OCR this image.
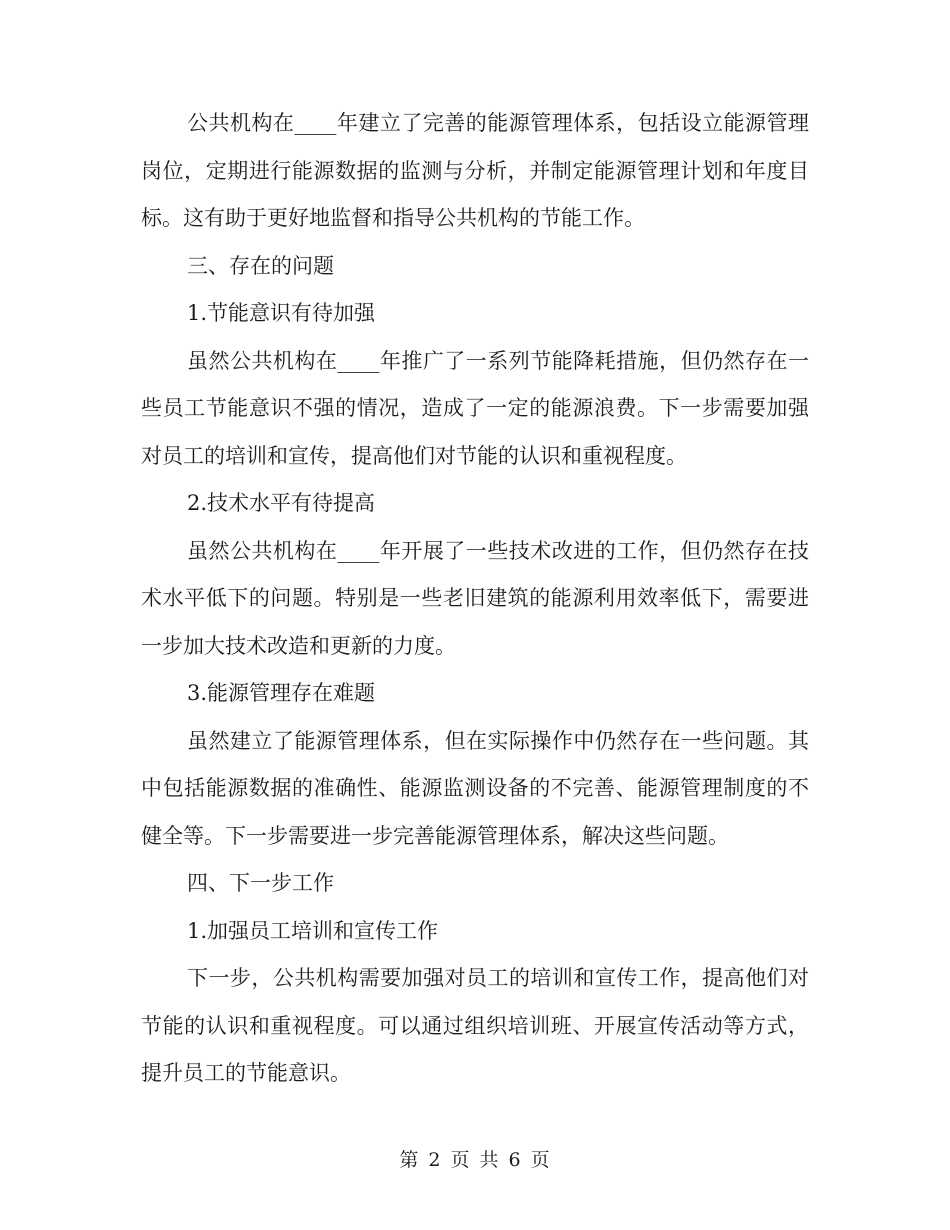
公共机构在____年建立了完善的能源管理体系，包括设立能源管理岗位，定期进行能源数据的监测与分析，并制定能源管理计划和年度目标。这有助于更好地监督和指导公共机构的节能工作。

三、存在的问题

1.节能意识有待加强

虽然公共机构在____年推广了一系列节能降耗措施，但仍然存在一些员工节能意识不强的情况，造成了一定的能源浪费。下一步需要加强对员工的培训和宣传，提高他们对节能的认识和重视程度。

2.技术水平有待提高

虽然公共机构在____年开展了一些技术改进的工作，但仍然存在技术水平低下的问题。特别是一些老旧建筑的能源利用效率低下，需要进一步加大技术改造和更新的力度。

3.能源管理存在难题

虽然建立了能源管理体系，但在实际操作中仍然存在一些问题。其中包括能源数据的准确性、能源监测设备的不完善、能源管理制度的不健全等。下一步需要进一步完善能源管理体系，解决这些问题。

四、下一步工作

1.加强员工培训和宣传工作

下一步，公共机构需要加强对员工的培训和宣传工作，提高他们对节能的认识和重视程度。可以通过组织培训班、开展宣传活动等方式，提升员工的节能意识。

第 2 页 共 6 页
